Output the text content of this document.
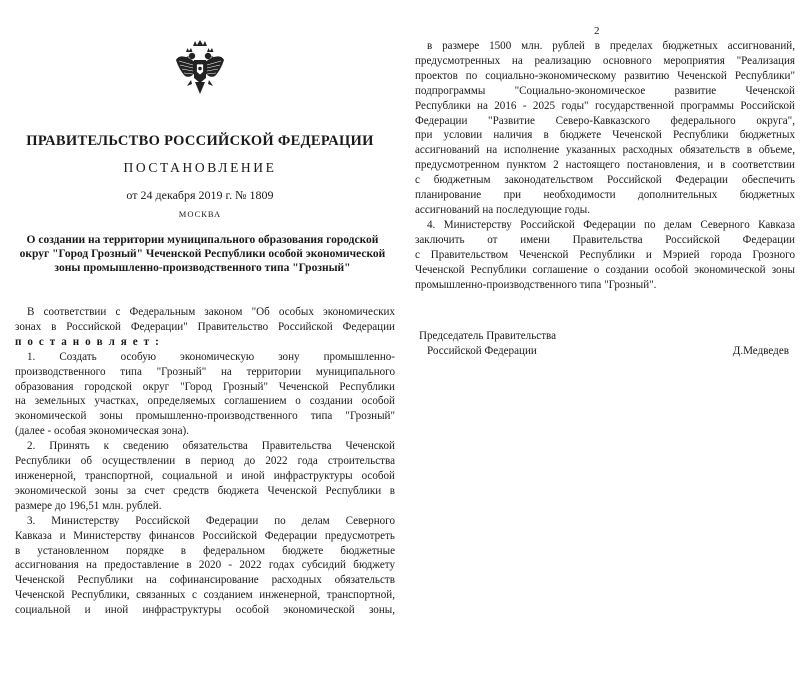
ПРАВИТЕЛЬСТВО РОССИЙСКОЙ ФЕДЕРАЦИИ
ПОСТАНОВЛЕНИЕ
от 24 декабря 2019 г. № 1809
МОСКВА
О создании на территории муниципального образования городской
округ "Город Грозный" Чеченской Республики особой экономической
зоны промышленно-производственного типа "Грозный"
В соответствии с Федеральным законом "Об особых экономических
зонах в Российской Федерации" Правительство Российской Федерации
п о с т а н о в л я е т :
1. Создать особую экономическую зону промышленно-
производственного типа "Грозный" на территории муниципального
образования городской округ "Город Грозный" Чеченской Республики
на земельных участках, определяемых соглашением о создании особой
экономической зоны промышленно-производственного типа "Грозный"
(далее - особая экономическая зона).
2. Принять к сведению обязательства Правительства Чеченской
Республики об осуществлении в период до 2022 года строительства
инженерной, транспортной, социальной и иной инфраструктуры особой
экономической зоны за счет средств бюджета Чеченской Республики в
размере до 196,51 млн. рублей.
3. Министерству Российской Федерации по делам Северного
Кавказа и Министерству финансов Российской Федерации предусмотреть
в установленном порядке в федеральном бюджете бюджетные
ассигнования на предоставление в 2020 - 2022 годах субсидий бюджету
Чеченской Республики на софинансирование расходных обязательств
Чеченской Республики, связанных с созданием инженерной, транспортной,
социальной и иной инфраструктуры особой экономической зоны,
2
в размере 1500 млн. рублей в пределах бюджетных ассигнований,
предусмотренных на реализацию основного мероприятия "Реализация
проектов по социально-экономическому развитию Чеченской Республики"
подпрограммы "Социально-экономическое развитие Чеченской
Республики на 2016 - 2025 годы" государственной программы Российской
Федерации "Развитие Северо-Кавказского федерального округа",
при условии наличия в бюджете Чеченской Республики бюджетных
ассигнований на исполнение указанных расходных обязательств в объеме,
предусмотренном пунктом 2 настоящего постановления, и в соответствии
с бюджетным законодательством Российской Федерации обеспечить
планирование при необходимости дополнительных бюджетных
ассигнований на последующие годы.
4. Министерству Российской Федерации по делам Северного Кавказа
заключить от имени Правительства Российской Федерации
с Правительством Чеченской Республики и Мэрией города Грозного
Чеченской Республики соглашение о создании особой экономической зоны
промышленно-производственного типа "Грозный".
Председатель Правительства
Российской Федерации	Д.Медведев
